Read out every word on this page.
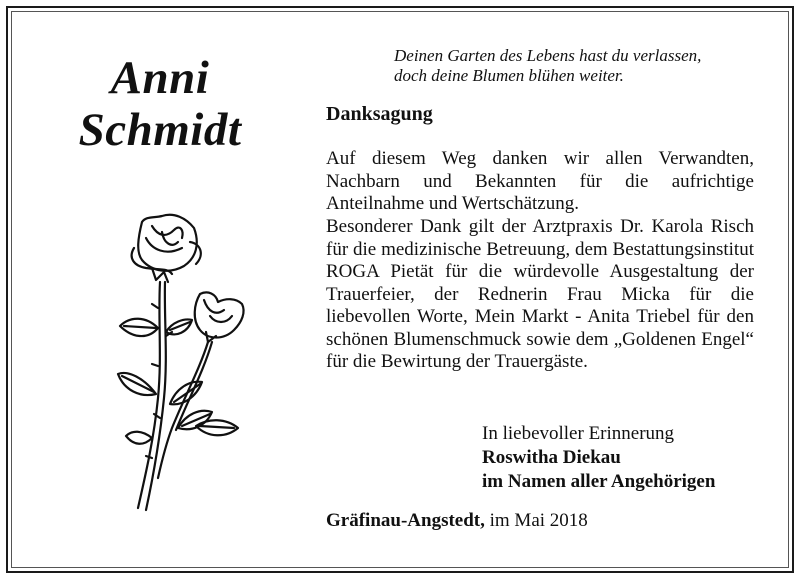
Anni
Schmidt
Deinen Garten des Lebens hast du verlassen,
doch deine Blumen blühen weiter.
Danksagung

Auf diesem Weg danken wir allen Verwandten, Nachbarn und Bekannten für die aufrichtige Anteilnahme und Wertschätzung.

Besonderer Dank gilt der Arztpraxis Dr. Karola Risch für die medizinische Betreuung, dem Bestattungsinstitut ROGA Pietät für die würdevolle Ausgestaltung der Trauerfeier, der Rednerin Frau Micka für die liebevollen Worte, Mein Markt - Anita Triebel für den schönen Blumenschmuck sowie dem „Goldenen Engel“ für die Bewirtung der Trauergäste.

In liebevoller Erinnerung
Roswitha Diekau
im Namen aller Angehörigen
Gräfinau-Angstedt, im Mai 2018
